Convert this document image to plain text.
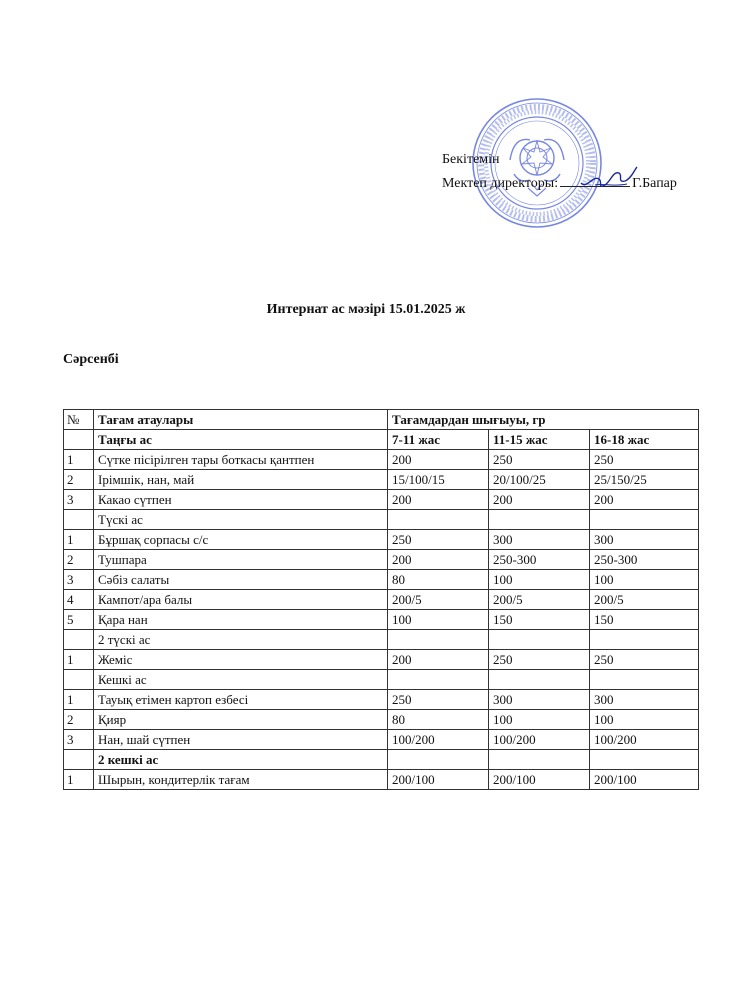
Бекітемін
Мектеп директоры:	Г.Бапар
Интернат ас мәзірі 15.01.2025 ж
Сәрсенбі
№	Тағам атаулары	Тағамдардан шығыуы, гр		
	Таңғы ас	7-11 жас	11-15 жас	16-18 жас
1	Сүтке пісірілген тары боткасы қантпен	200	250	250
2	Ірімшік, нан, май	15/100/15	20/100/25	25/150/25
3	Какао сүтпен	200	200	200
	Түскі ас			
1	Бұршақ сорпасы с/с	250	300	300
2	Тушпара	200	250-300	250-300
3	Сәбіз салаты	80	100	100
4	Кампот/ара балы	200/5	200/5	200/5
5	Қара нан	100	150	150
	2 түскі ас			
1	Жеміс	200	250	250
	Кешкі ас			
1	Тауық етімен картоп езбесі	250	300	300
2	Қияр	80	100	100
3	Нан, шай сүтпен	100/200	100/200	100/200
	2 кешкі ас			
1	Шырын, кондитерлік тағам	200/100	200/100	200/100
